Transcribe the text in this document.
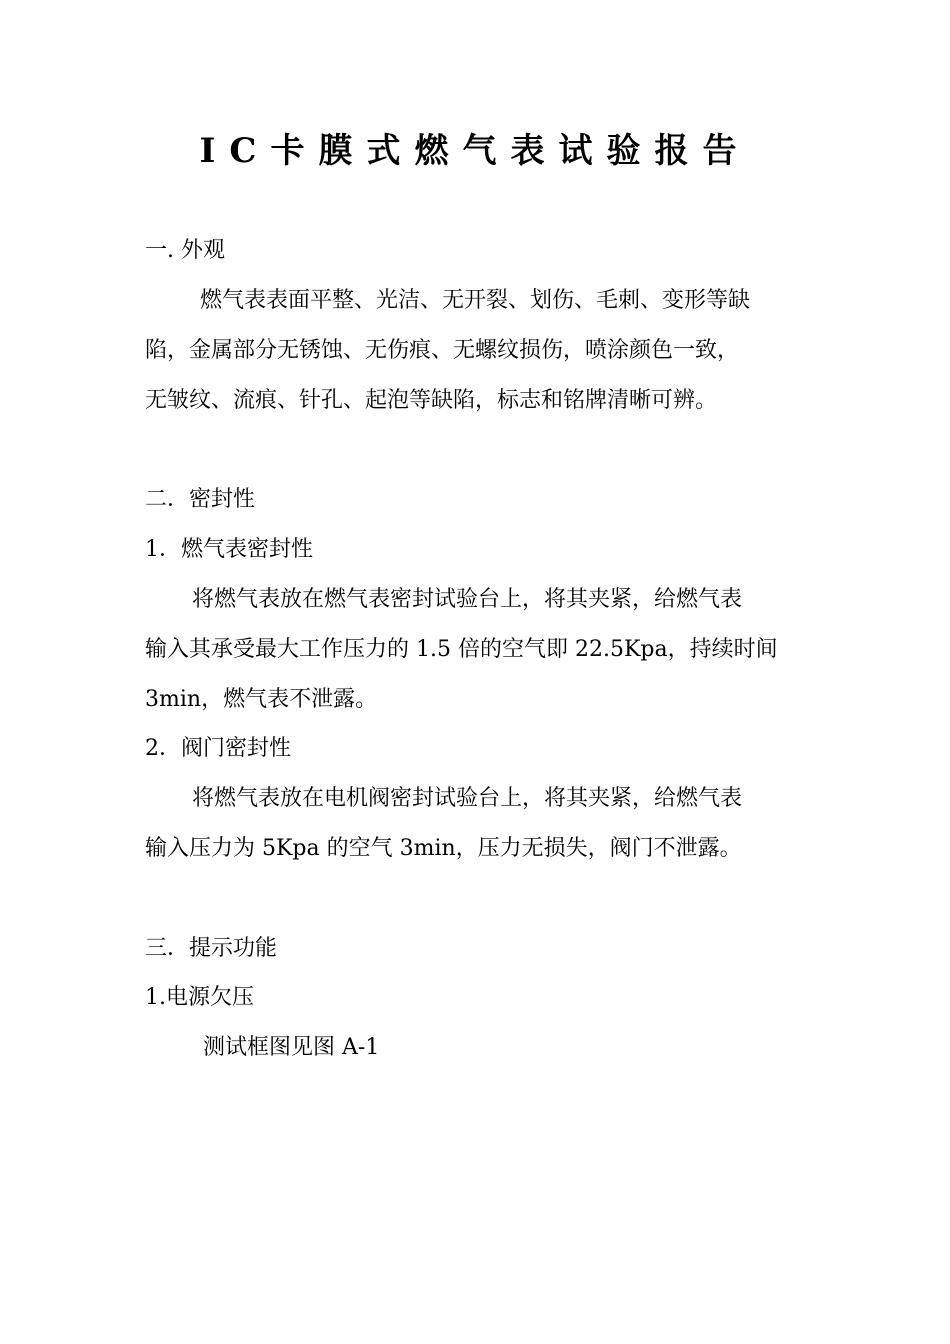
IC卡膜式燃气表试验报告
一. 外观
燃气表表面平整、光洁、无开裂、划伤、毛刺、变形等缺
陷，金属部分无锈蚀、无伤痕、无螺纹损伤，喷涂颜色一致，
无皱纹、流痕、针孔、起泡等缺陷，标志和铭牌清晰可辨。
二．密封性
1．燃气表密封性
将燃气表放在燃气表密封试验台上，将其夹紧，给燃气表
输入其承受最大工作压力的 1.5 倍的空气即 22.5Kpa，持续时间
3min，燃气表不泄露。
2．阀门密封性
将燃气表放在电机阀密封试验台上，将其夹紧，给燃气表
输入压力为 5Kpa 的空气 3min，压力无损失，阀门不泄露。
三．提示功能
1.电源欠压
测试框图见图 A-1
